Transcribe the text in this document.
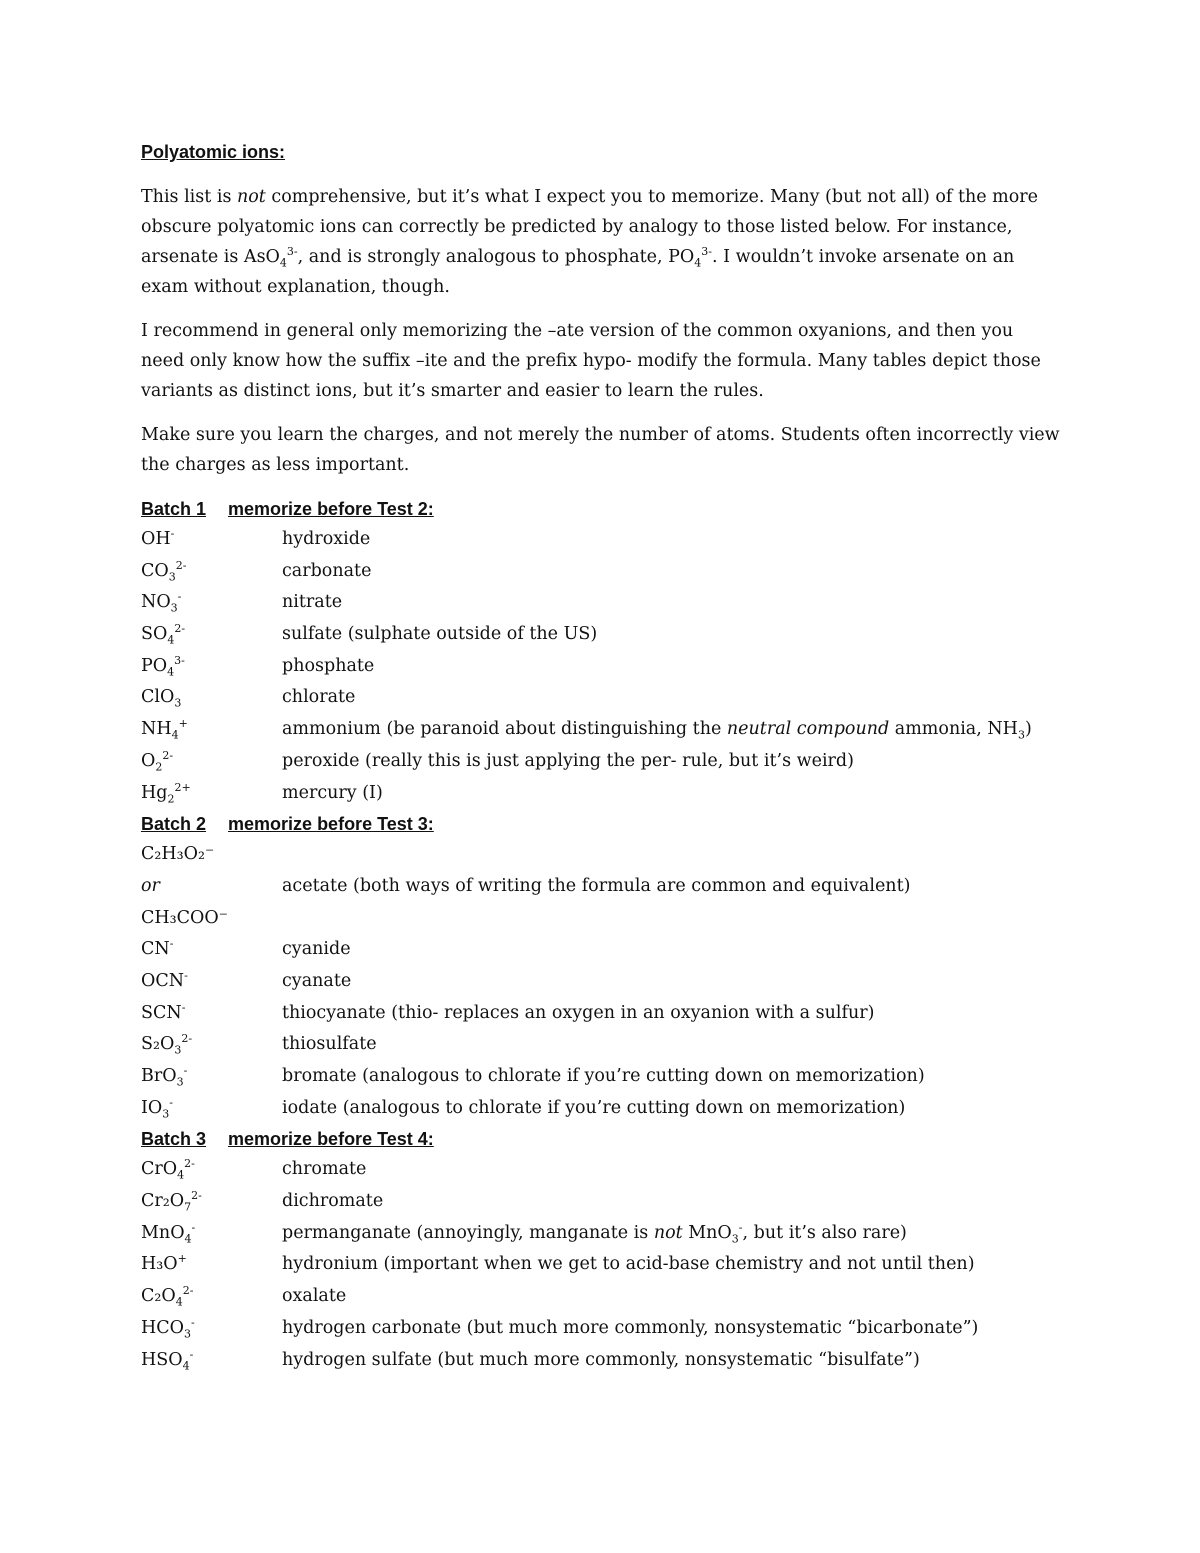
Polyatomic ions:

This list is not comprehensive, but it’s what I expect you to memorize. Many (but not all) of the more obscure polyatomic ions can correctly be predicted by analogy to those listed below. For instance, arsenate is AsO$_4^{3-}$, and is strongly analogous to phosphate, $PO_4^{3-}$. I wouldn’t invoke arsenate on an exam without explanation, though.

I recommend in general only memorizing the –ate version of the common oxyanions, and then you need only know how the suffix –ite and the prefix hypo- modify the formula. Many tables depict those variants as distinct ions, but it’s smarter and easier to learn the rules.

Make sure you learn the charges, and not merely the number of atoms. Students often incorrectly view the charges as less important.

Batch 1 memorize before Test 2:
OH-	hydroxide
$CO_3^{2-}$	carbonate
$NO_3^-$	nitrate
$SO_4^{2-}$	sulfate (sulphate outside of the US)
$PO_4^{3-}$	phosphate
ClO$_3$	chlorate
$NH_4^+$	ammonium (be paranoid about distinguishing the neutral compound ammonia, $NH_3$)
$O_2^{2-}$	peroxide (really this is just applying the per- rule, but it’s weird)
$Hg_2^{2+}$	mercury (I)
Batch 2 memorize before Test 3:
C₂H₃O₂⁻
or	acetate (both ways of writing the formula are common and equivalent)
CH₃COO⁻
CN-	cyanide
OCN-	cyanate
SCN-	thiocyanate (thio- replaces an oxygen in an oxyanion with a sulfur)
$S_2O_3^{2-}$	thiosulfate
BrO$_3$-	bromate (analogous to chlorate if you’re cutting down on memorization)
$IO_3^-$	iodate (analogous to chlorate if you’re cutting down on memorization)
Batch 3 memorize before Test 4:
CrO$_4^{2-}$	chromate
$Cr_2O_7^{2-}$	dichromate
MnO$_4$-	permanganate (annoyingly, manganate is not MnO$_3$-, but it’s also rare)
H₃O+	hydronium (important when we get to acid-base chemistry and not until then)
$C_2O_4^{2-}$	oxalate
$HCO_3^-$	hydrogen carbonate (but much more commonly, nonsystematic “bicarbonate”)
$HSO_4^-$	hydrogen sulfate (but much more commonly, nonsystematic “bisulfate”)
